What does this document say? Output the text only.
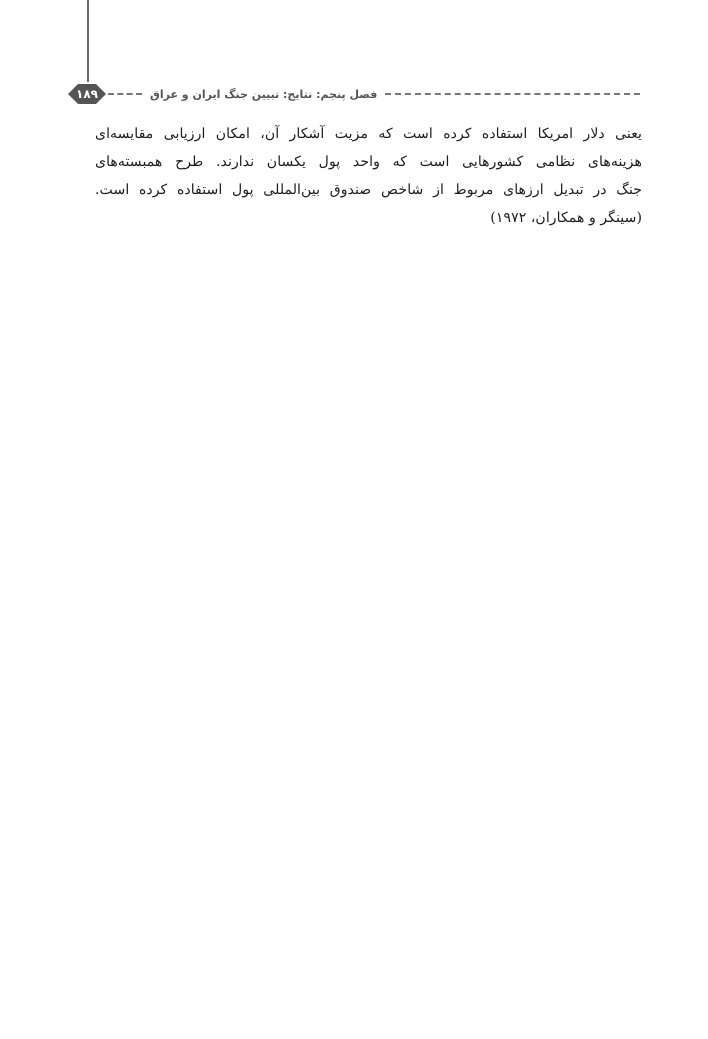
۱۸۹	فصل پنجم: نتایج: تبیین جنگ ایران و عراق
یعنی دلار امریکا استفاده کرده است که مزیت آشکار آن، امکان ارزیابی مقایسه‌ای
هزینه‌های نظامی کشورهایی است که واحد پول یکسان ندارند. طرح همبسته‌های
جنگ در تبدیل ارزهای مربوط از شاخص صندوق بین‌المللی پول استفاده کرده است.
(سینگر و همکاران، ۱۹۷۲)
